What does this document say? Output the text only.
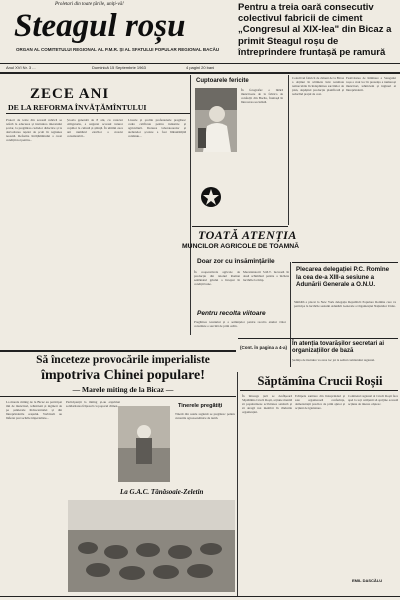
Proletari din toate țările, uniți-vă!
Steagul roșu
ORGAN AL COMITETULUI REGIONAL AL P.M.R. ȘI AL SFATULUI POPULAR REGIONAL BACĂU
Anul XVI Nr. 3 ...	Duminică 15 Septembrie 1963	4 pagini 20 bani
Pentru a treia oară consecutiv colectivul fabricii de ciment „Congresul al XIX-lea" din Bicaz a primit Steagul roșu de întreprindere fruntașă pe ramură
ZECE ANI
DE LA REFORMA ÎNVĂȚĂMÎNTULUI
Proiect de texte din această rubrică se referă la educarea și instruirea tineretului școlar, la pregătirea cadrelor didactice și la dezvoltarea rețelei de școli în regiunea noastră. Reforma învățămîntului a creat condiții noi pentru...
Școala generală de 8 ani, cu caracter obligatoriu, a asigurat accesul tuturor copiilor la cultură și știință. În ultimii zece ani numărul elevilor a crescut considerabil...
Liceele și școlile profesionale pregătesc cadre calificate pentru industrie și agricultură. Dotarea laboratoarelor și atelierelor școlare a fost îmbunătățită continuu...
Cuptoarele fericite
În fotografie: o tînără muncitoare de la fabrica de confecții din Bacău, fruntașă în întrecerea socialistă.
Colectivul fabricii de ciment de la Bicaz a obținut în ultimele luni rezultate remarcabile în îndeplinirea sarcinilor de plan, depășind producția planificată și reducînd prețul de cost.
Festivitatea de înmînare a Steagului roșu a avut loc în prezența a numeroși muncitori, tehnicieni și ingineri ai întreprinderii.
TOATĂ ATENȚIA
MUNCILOR AGRICOLE DE TOAMNĂ
Doar zor cu însămînțările
În cooperativele agricole de producție din raionul Roman semănatul griului a început în condiții bune.
Mecanizatorii S.M.T. lucrează în două schimburi pentru a încheia lucrările la timp.
Pentru recolta viitoare
Pregătirea terenului și a semințelor pentru recolta anului viitor constituie o sarcină de prim ordin.
Plecarea delegației P.C. Romîne la cea de-a XIII-a sesiune a Adunării Generale a O.N.U.
Sîmbătă a plecat la New York delegația Republicii Populare Romîne care va participa la lucrările sesiunii Adunării Generale a Organizației Națiunilor Unite.
(Cont. în pagina a 4-a)
În atenția tovarășilor secretari ai organizațiilor de bază
Ședința de instruire va avea loc joi la sediul comitetului regional.
Să înceteze provocările imperialiste
împotriva Chinei populare!
— Marele miting de la Bicaz —
La marele miting de la Bicaz au participat mii de muncitori, tehnicieni și ingineri de pe șantierele hidrocentralei și din întreprinderile orașului. Vorbitorii au înfierat provocările imperialiste...
Participanții la miting și-au exprimat solidaritatea frățească cu poporul chinez.	Tinerele pregătiți
Tinerii din satele regiunii se pregătesc pentru cursurile agrozootehnice de iarnă.
La G.A.C. Tănăsoaie-Zeletin
Săptămîna Crucii Roșii
În întreaga țară se desfășoară Săptămîna Crucii Roșii, acțiune menită să popularizeze activitatea sanitară și să atragă noi membri în rîndurile organizației.
Echipele sanitare din întreprinderi și sate organizează conferințe, demonstrații practice de prim ajutor și acțiuni de igienizare.
Comitetul regional al Crucii Roșii face apel la toți cetățenii să sprijine această acțiune de interes obștesc.
EMIL DASCĂLU
